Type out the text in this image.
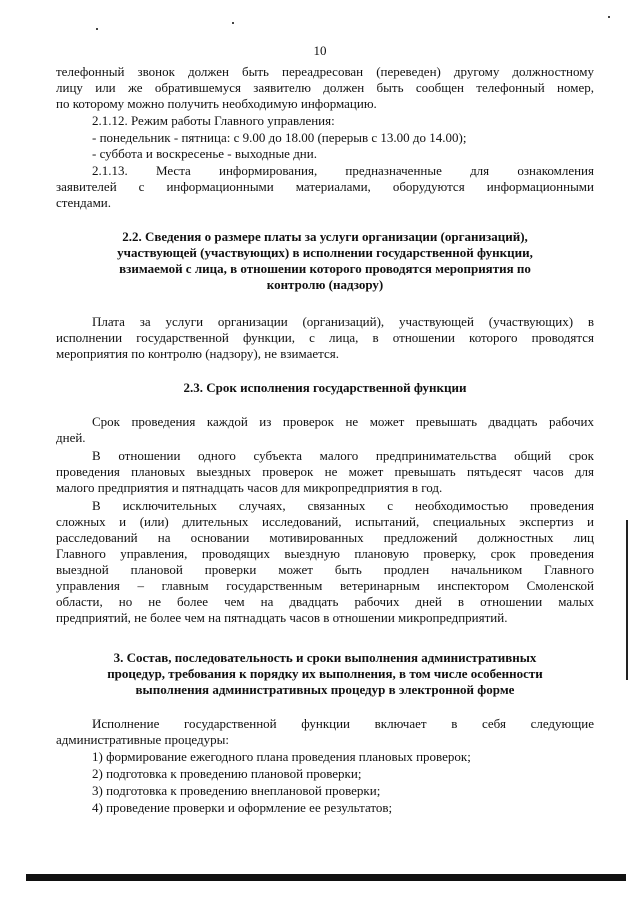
10
телефонный звонок должен быть переадресован (переведен) другому должностному
лицу или же обратившемуся заявителю должен быть сообщен телефонный номер,
по которому можно получить необходимую информацию.
2.1.12. Режим работы Главного управления:
- понедельник - пятница: с 9.00 до 18.00 (перерыв с 13.00 до 14.00);
- суббота и воскресенье - выходные дни.
2.1.13. Места информирования, предназначенные для ознакомления
заявителей с информационными материалами, оборудуются информационными
стендами.
2.2. Сведения о размере платы за услуги организации (организаций),
участвующей (участвующих) в исполнении государственной функции,
взимаемой с лица, в отношении которого проводятся мероприятия по
контролю (надзору)
Плата за услуги организации (организаций), участвующей (участвующих) в
исполнении государственной функции, с лица, в отношении которого проводятся
мероприятия по контролю (надзору), не взимается.
2.3. Срок исполнения государственной функции
Срок проведения каждой из проверок не может превышать двадцать рабочих
дней.
В отношении одного субъекта малого предпринимательства общий срок
проведения плановых выездных проверок не может превышать пятьдесят часов для
малого предприятия и пятнадцать часов для микропредприятия в год.
В исключительных случаях, связанных с необходимостью проведения
сложных и (или) длительных исследований, испытаний, специальных экспертиз и
расследований на основании мотивированных предложений должностных лиц
Главного управления, проводящих выездную плановую проверку, срок проведения
выездной плановой проверки может быть продлен начальником Главного
управления – главным государственным ветеринарным инспектором Смоленской
области, но не более чем на двадцать рабочих дней в отношении малых
предприятий, не более чем на пятнадцать часов в отношении микропредприятий.
3. Состав, последовательность и сроки выполнения административных
процедур, требования к порядку их выполнения, в том числе особенности
выполнения административных процедур в электронной форме
Исполнение государственной функции включает в себя следующие
административные процедуры:
1) формирование ежегодного плана проведения плановых проверок;
2) подготовка к проведению плановой проверки;
3) подготовка к проведению внеплановой проверки;
4) проведение проверки и оформление ее результатов;
